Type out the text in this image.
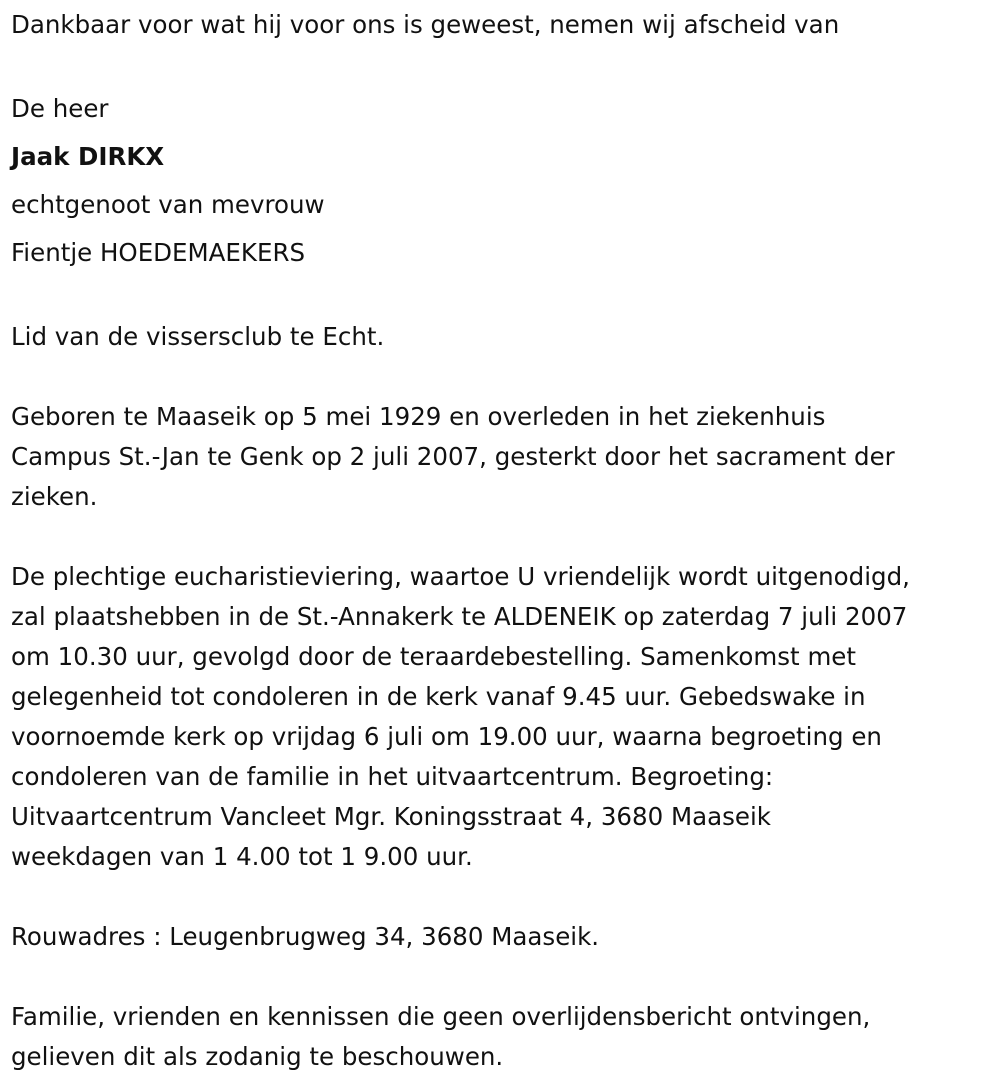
Dankbaar voor wat hij voor ons is geweest, nemen wij afscheid van
De heer
Jaak DIRKX
echtgenoot van mevrouw
Fientje HOEDEMAEKERS
Lid van de vissersclub te Echt.
Geboren te Maaseik op 5 mei 1929 en overleden in het ziekenhuis
Campus St.-Jan te Genk op 2 juli 2007, gesterkt door het sacrament der
zieken.
De plechtige eucharistieviering, waartoe U vriendelijk wordt uitgenodigd,
zal plaatshebben in de St.-Annakerk te ALDENEIK op zaterdag 7 juli 2007
om 10.30 uur, gevolgd door de teraardebestelling. Samenkomst met
gelegenheid tot condoleren in de kerk vanaf 9.45 uur. Gebedswake in
voornoemde kerk op vrijdag 6 juli om 19.00 uur, waarna begroeting en
condoleren van de familie in het uitvaartcentrum. Begroeting:
Uitvaartcentrum Vancleet Mgr. Koningsstraat 4, 3680 Maaseik
weekdagen van 1 4.00 tot 1 9.00 uur.
Rouwadres : Leugenbrugweg 34, 3680 Maaseik.
Familie, vrienden en kennissen die geen overlijdensbericht ontvingen,
gelieven dit als zodanig te beschouwen.
